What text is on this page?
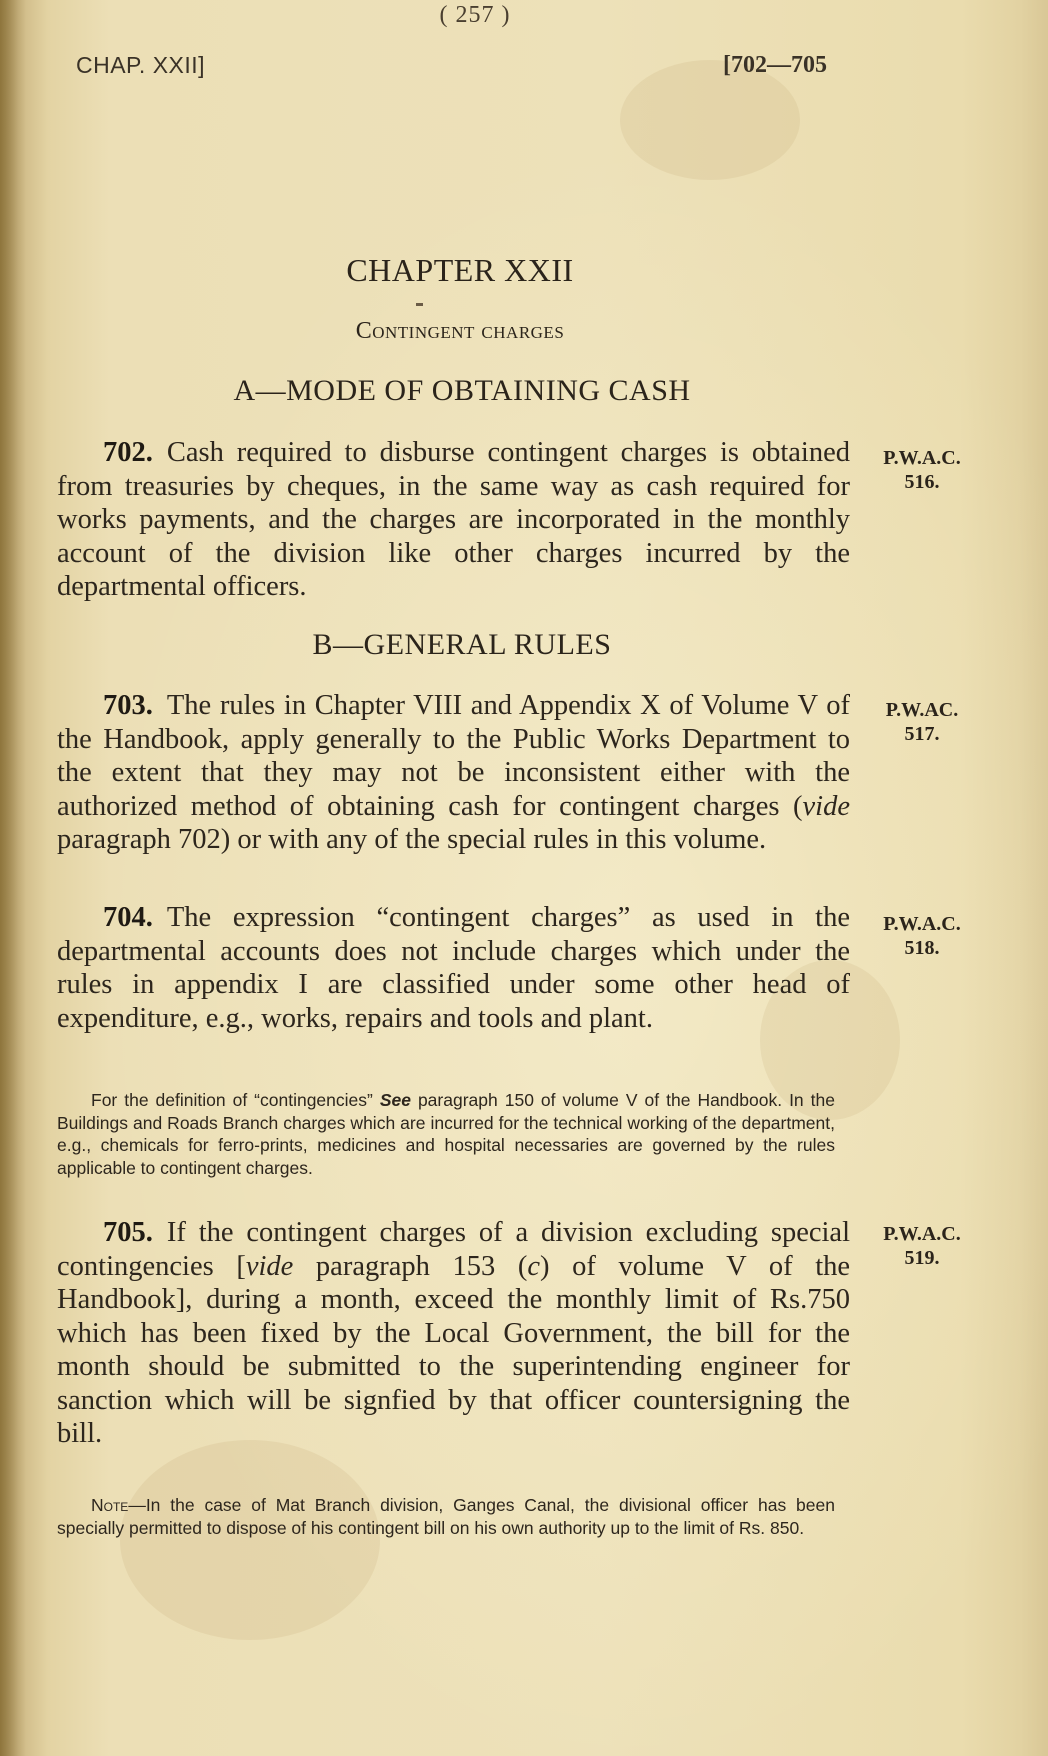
( 257 )
CHAP. XXII]	[702—705
CHAPTER XXII
Contingent charges
A—MODE OF OBTAINING CASH
702. Cash required to disburse contingent charges is obtained from treasuries by cheques, in the same way as cash required for works payments, and the charges are incorporated in the monthly account of the division like other charges incurred by the departmental officers.
P.W.A.C.
516.
B—GENERAL RULES
703. The rules in Chapter VIII and Appendix X of Volume V of the Handbook, apply generally to the Public Works Department to the extent that they may not be inconsistent either with the authorized method of obtaining cash for contingent charges (vide paragraph 702) or with any of the special rules in this volume.
P.W.AC.
517.
704. The expression “contingent charges” as used in the departmental accounts does not include charges which under the rules in appendix I are classified under some other head of expenditure, e.g., works, repairs and tools and plant.
P.W.A.C.
518.
For the definition of “contingencies” See paragraph 150 of volume V of the Handbook. In the Buildings and Roads Branch charges which are incurred for the technical working of the department, e.g., chemicals for ferro-prints, medicines and hospital necessaries are governed by the rules applicable to contingent charges.
705. If the contingent charges of a division excluding special contingencies [vide paragraph 153 (c) of volume V of the Handbook], during a month, exceed the monthly limit of Rs.750 which has been fixed by the Local Government, the bill for the month should be submitted to the superintending engineer for sanction which will be signfied by that officer countersigning the bill.
P.W.A.C.
519.
Note—In the case of Mat Branch division, Ganges Canal, the divisional officer has been specially permitted to dispose of his contingent bill on his own authority up to the limit of Rs. 850.
